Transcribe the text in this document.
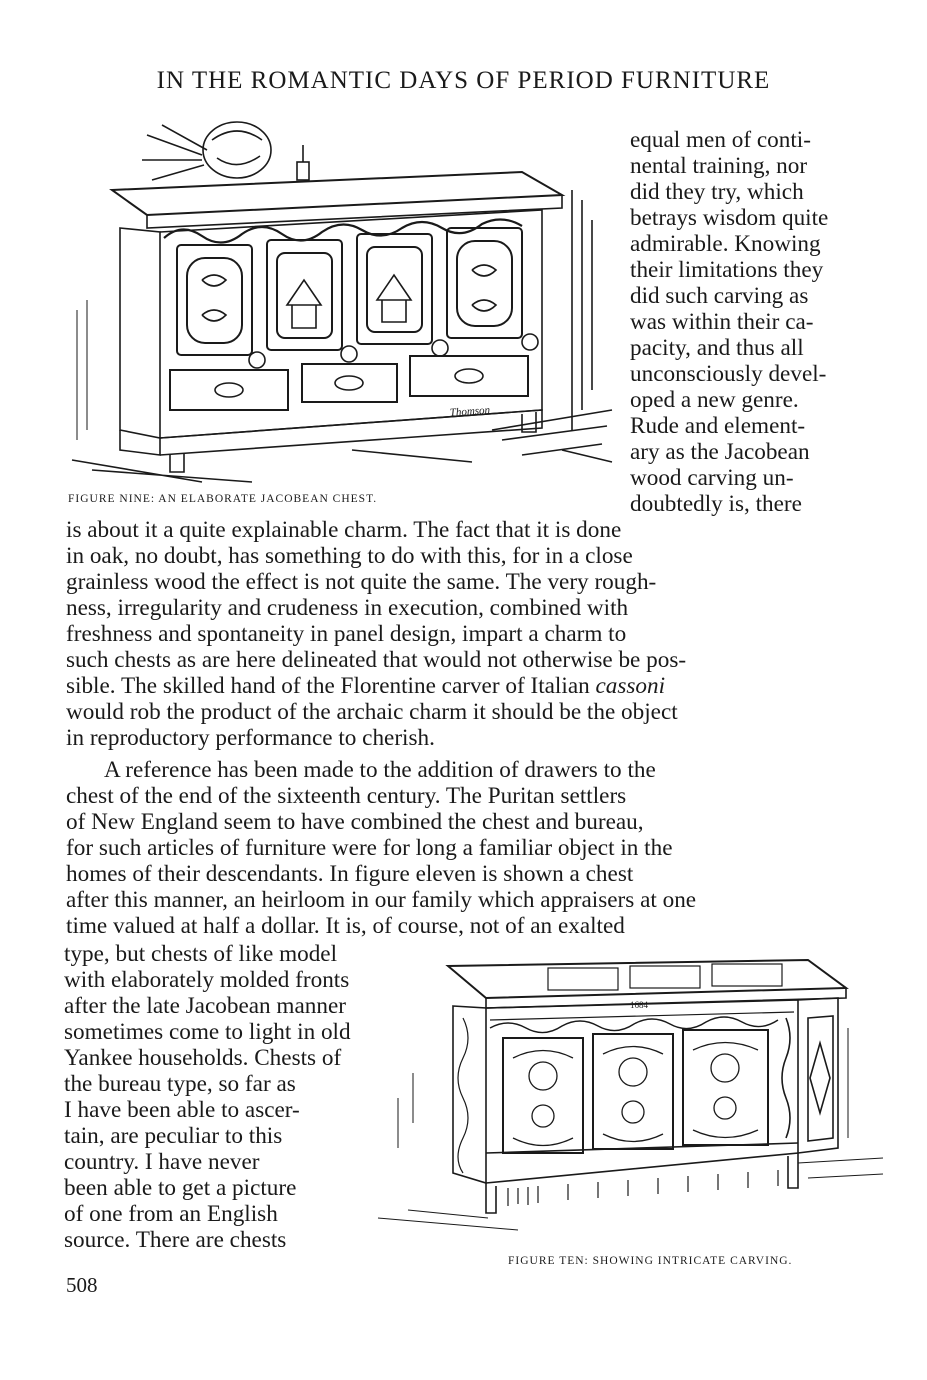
IN THE ROMANTIC DAYS OF PERIOD FURNITURE
Thomson
FIGURE NINE: AN ELABORATE JACOBEAN CHEST.
equal men of conti-
nental training, nor
did they try, which
betrays wisdom quite
admirable. Knowing
their limitations they
did such carving as
was within their ca-
pacity, and thus all
unconsciously devel-
oped a new genre.
Rude and element-
ary as the Jacobean
wood carving un-
doubtedly is, there
is about it a quite explainable charm. The fact that it is done
in oak, no doubt, has something to do with this, for in a close
grainless wood the effect is not quite the same. The very rough-
ness, irregularity and crudeness in execution, combined with
freshness and spontaneity in panel design, impart a charm to
such chests as are here delineated that would not otherwise be pos-
sible. The skilled hand of the Florentine carver of Italian cassoni
would rob the product of the archaic charm it should be the object
in reproductory performance to cherish.
A reference has been made to the addition of drawers to the
chest of the end of the sixteenth century. The Puritan settlers
of New England seem to have combined the chest and bureau,
for such articles of furniture were for long a familiar object in the
homes of their descendants. In figure eleven is shown a chest
after this manner, an heirloom in our family which appraisers at one
time valued at half a dollar. It is, of course, not of an exalted
type, but chests of like model
with elaborately molded fronts
after the late Jacobean manner
sometimes come to light in old
Yankee households. Chests of
the bureau type, so far as
I have been able to ascer-
tain, are peculiar to this
country. I have never
been able to get a picture
of one from an English
source. There are chests
1684
FIGURE TEN: SHOWING INTRICATE CARVING.
508
